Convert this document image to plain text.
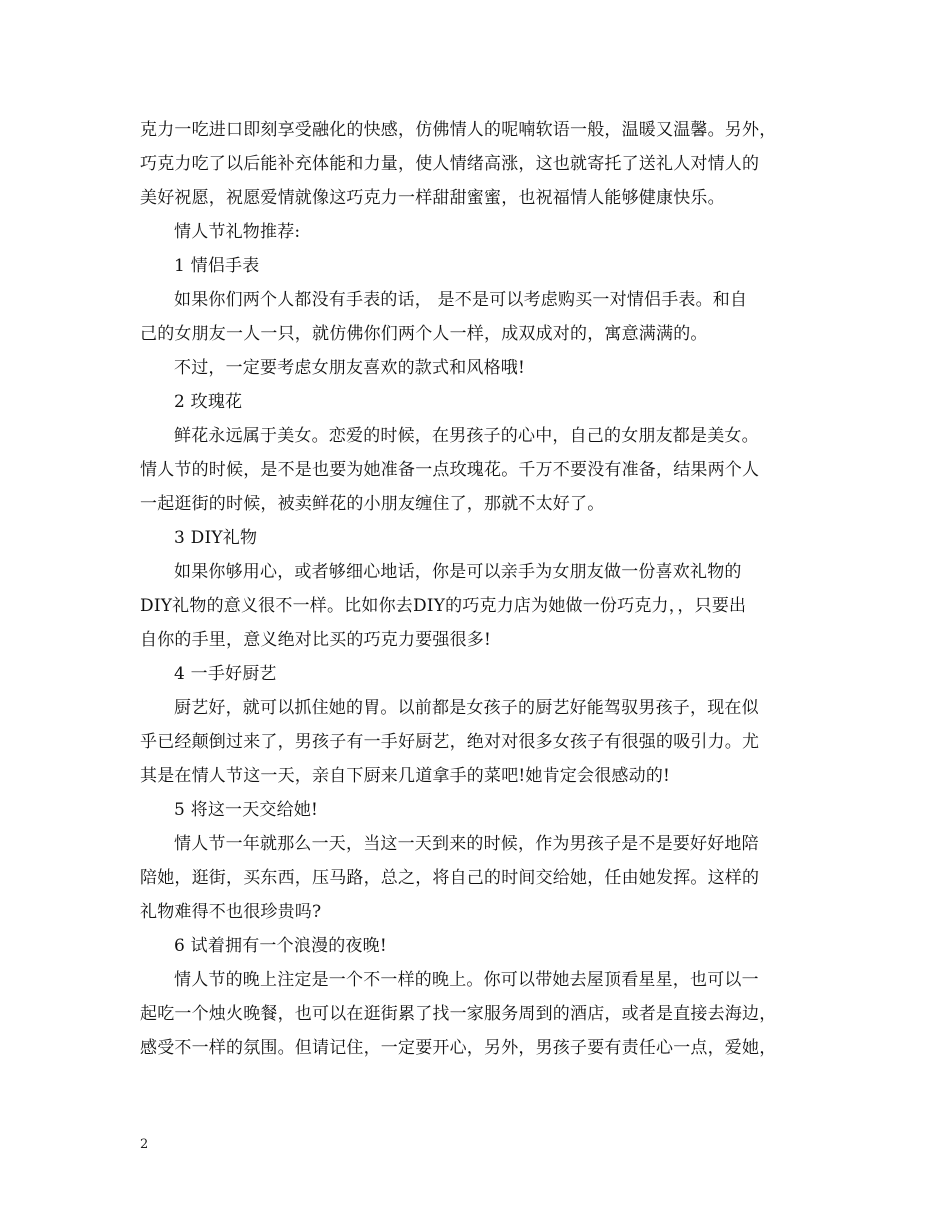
克力一吃进口即刻享受融化的快感，仿佛情人的呢喃软语一般，温暖又温馨。另外，
巧克力吃了以后能补充体能和力量，使人情绪高涨，这也就寄托了送礼人对情人的
美好祝愿，祝愿爱情就像这巧克力一样甜甜蜜蜜，也祝福情人能够健康快乐。
情人节礼物推荐:
1 情侣手表
如果你们两个人都没有手表的话， 是不是可以考虑购买一对情侣手表。和自
己的女朋友一人一只，就仿佛你们两个人一样，成双成对的，寓意满满的。
不过，一定要考虑女朋友喜欢的款式和风格哦!
2 玫瑰花
鲜花永远属于美女。恋爱的时候，在男孩子的心中，自己的女朋友都是美女。
情人节的时候，是不是也要为她准备一点玫瑰花。千万不要没有准备，结果两个人
一起逛街的时候，被卖鲜花的小朋友缠住了，那就不太好了。
3 DIY礼物
如果你够用心，或者够细心地话，你是可以亲手为女朋友做一份喜欢礼物的
DIY礼物的意义很不一样。比如你去DIY的巧克力店为她做一份巧克力，，只要出
自你的手里，意义绝对比买的巧克力要强很多!
4 一手好厨艺
厨艺好，就可以抓住她的胃。以前都是女孩子的厨艺好能驾驭男孩子，现在似
乎已经颠倒过来了，男孩子有一手好厨艺，绝对对很多女孩子有很强的吸引力。尤
其是在情人节这一天，亲自下厨来几道拿手的菜吧!她肯定会很感动的!
5 将这一天交给她!
情人节一年就那么一天，当这一天到来的时候，作为男孩子是不是要好好地陪
陪她，逛街，买东西，压马路，总之，将自己的时间交给她，任由她发挥。这样的
礼物难得不也很珍贵吗?
6 试着拥有一个浪漫的夜晚!
情人节的晚上注定是一个不一样的晚上。你可以带她去屋顶看星星，也可以一
起吃一个烛火晚餐，也可以在逛街累了找一家服务周到的酒店，或者是直接去海边，
感受不一样的氛围。但请记住，一定要开心，另外，男孩子要有责任心一点，爱她，
2
